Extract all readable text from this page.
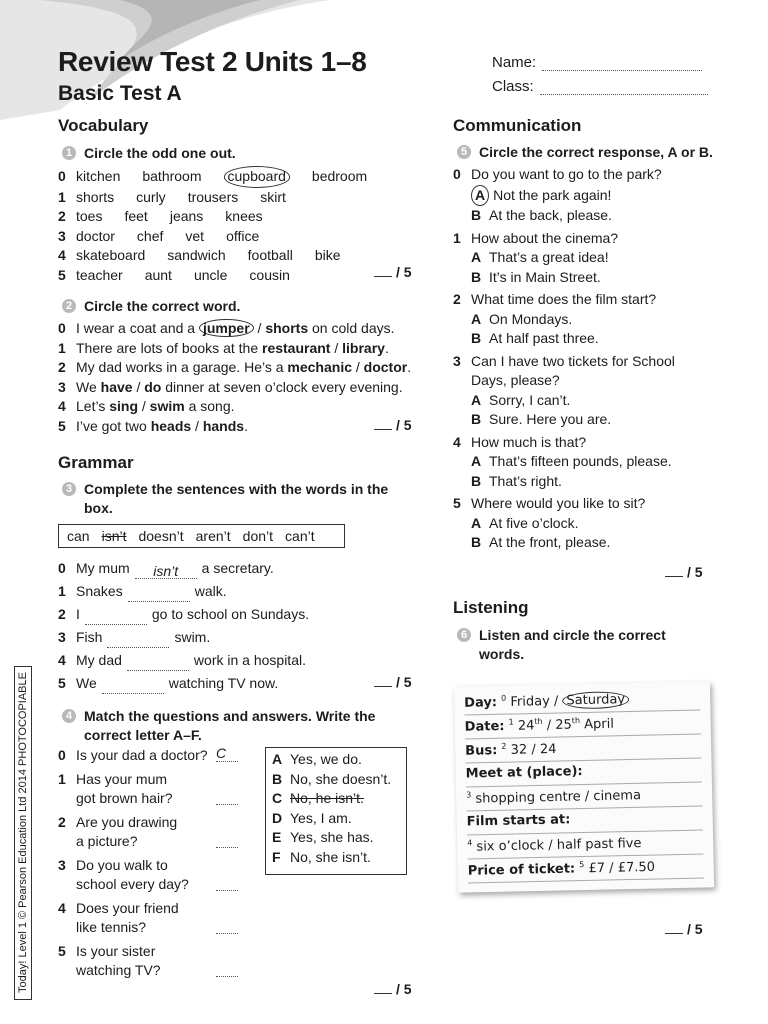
Review Test 2 Units 1–8
Basic Test A
Name:
Class:
Today! Level 1 © Pearson Education Ltd 2014 PHOTOCOPIABLE
Vocabulary
1 Circle the odd one out.
0 kitchen bathroom cupboard bedroom
1 shorts curly trousers skirt
2 toes feet jeans knees
3 doctor chef vet office
4 skateboard sandwich football bike
5 teacher aunt uncle cousin	/ 5
2 Circle the correct word.
0 I wear a coat and a jumper / shorts on cold days.
1 There are lots of books at the restaurant / library.
2 My dad works in a garage. He’s a mechanic / doctor.
3 We have / do dinner at seven o’clock every evening.
4 Let’s sing / swim a song.
5 I’ve got two heads / hands.	/ 5
Grammar
3 Complete the sentences with the words in the
box.
can isn’t doesn’t aren’t don’t can’t
0 My mum isn’t a secretary.
1 Snakes	walk.
2 I	go to school on Sundays.
3 Fish	swim.
4 My dad	work in a hospital.
5 We	watching TV now.	/ 5
4 Match the questions and answers. Write the
correct letter A–F.
0 Is your dad a doctor? C
1 Has your mum
got brown hair?
2 Are you drawing
a picture?
3 Do you walk to
school every day?
4 Does your friend
like tennis?
5 Is your sister
watching TV?
A Yes, we do.
B No, she doesn’t.
C No, he isn’t.
D Yes, I am.
E Yes, she has.
F No, she isn’t.
/ 5
Communication
5 Circle the correct response, A or B.
0 Do you want to go to the park?
A Not the park again!
B At the back, please.
1 How about the cinema?
A That’s a great idea!
B It’s in Main Street.
2 What time does the film start?
A On Mondays.
B At half past three.
3 Can I have two tickets for School
Days, please?
A Sorry, I can’t.
B Sure. Here you are.
4 How much is that?
A That’s fifteen pounds, please.
B That’s right.
5 Where would you like to sit?
A At five o’clock.
B At the front, please.
/ 5
Listening
6 Listen and circle the correct
words.
Day: $^0$ Friday / Saturday
Date: $^1$ 24th / 25th April
Bus: $^2$ 32 / 24
Meet at (place):
$^3$ shopping centre / cinema
Film starts at:
$^4$ six o’clock / half past five
Price of ticket: $^5$ £7 / £7.50
/ 5
